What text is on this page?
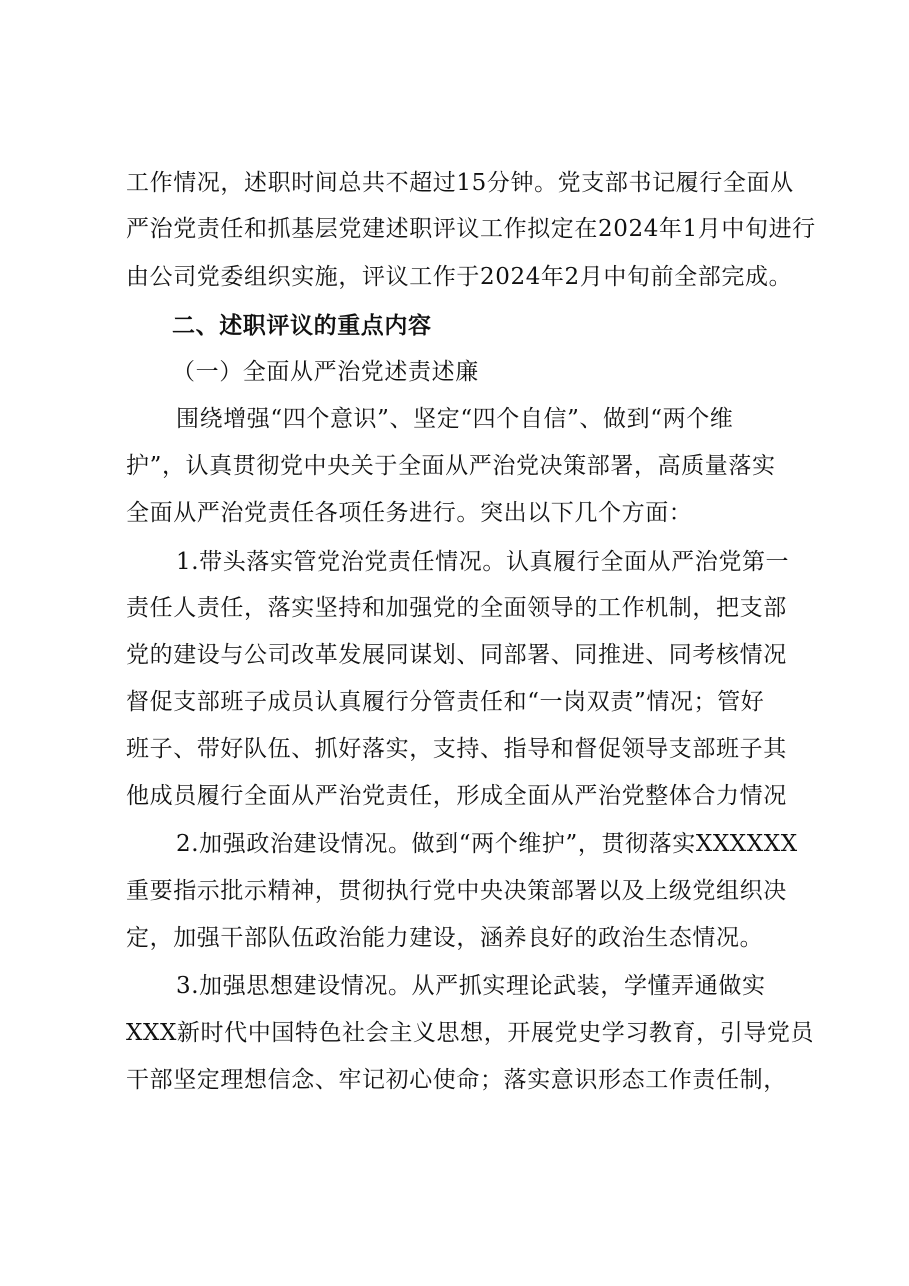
工作情况，述职时间总共不超过15分钟。党支部书记履行全面从
严治党责任和抓基层党建述职评议工作拟定在2024年1月中旬进行
由公司党委组织实施，评议工作于2024年2月中旬前全部完成。
二、述职评议的重点内容
（一）全面从严治党述责述廉
围绕增强“四个意识”、坚定“四个自信”、做到“两个维
护”，认真贯彻党中央关于全面从严治党决策部署，高质量落实
全面从严治党责任各项任务进行。突出以下几个方面：
1.带头落实管党治党责任情况。认真履行全面从严治党第一
责任人责任，落实坚持和加强党的全面领导的工作机制，把支部
党的建设与公司改革发展同谋划、同部署、同推进、同考核情况
督促支部班子成员认真履行分管责任和“一岗双责”情况；管好
班子、带好队伍、抓好落实，支持、指导和督促领导支部班子其
他成员履行全面从严治党责任，形成全面从严治党整体合力情况
2.加强政治建设情况。做到“两个维护”，贯彻落实XXXXXX
重要指示批示精神，贯彻执行党中央决策部署以及上级党组织决
定，加强干部队伍政治能力建设，涵养良好的政治生态情况。
3.加强思想建设情况。从严抓实理论武装，学懂弄通做实
XXX新时代中国特色社会主义思想，开展党史学习教育，引导党员
干部坚定理想信念、牢记初心使命；落实意识形态工作责任制，
